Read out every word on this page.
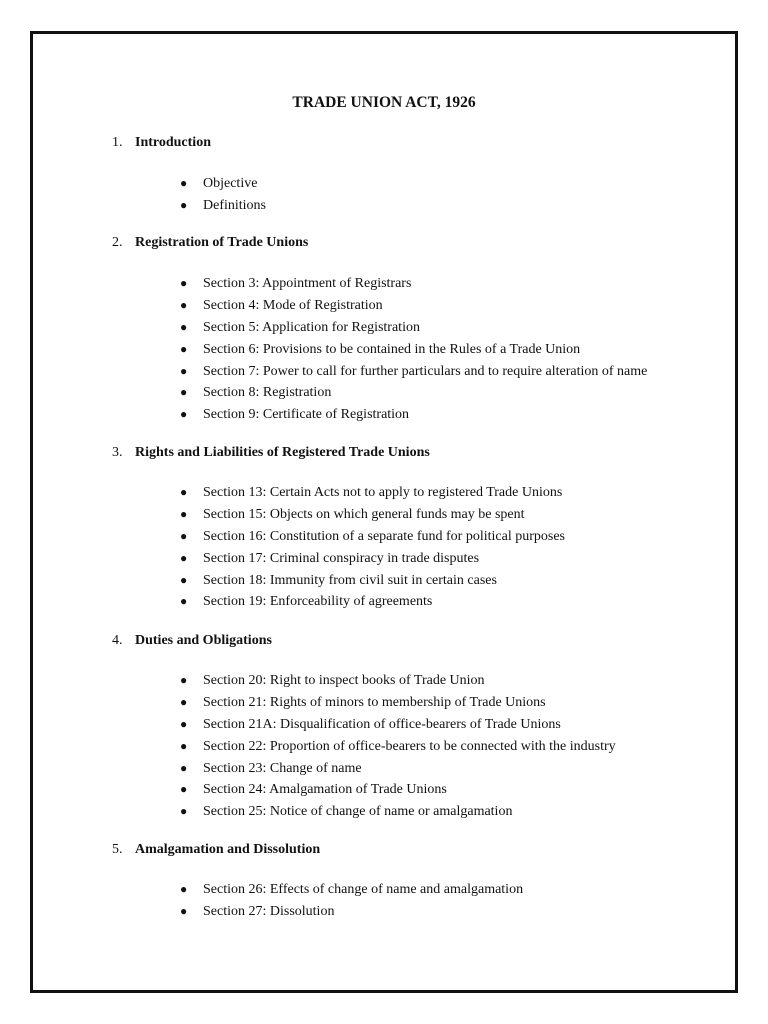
TRADE UNION ACT, 1926
1. Introduction
● Objective
● Definitions
2. Registration of Trade Unions
● Section 3: Appointment of Registrars
● Section 4: Mode of Registration
● Section 5: Application for Registration
● Section 6: Provisions to be contained in the Rules of a Trade Union
● Section 7: Power to call for further particulars and to require alteration of name
● Section 8: Registration
● Section 9: Certificate of Registration
3. Rights and Liabilities of Registered Trade Unions
● Section 13: Certain Acts not to apply to registered Trade Unions
● Section 15: Objects on which general funds may be spent
● Section 16: Constitution of a separate fund for political purposes
● Section 17: Criminal conspiracy in trade disputes
● Section 18: Immunity from civil suit in certain cases
● Section 19: Enforceability of agreements
4. Duties and Obligations
● Section 20: Right to inspect books of Trade Union
● Section 21: Rights of minors to membership of Trade Unions
● Section 21A: Disqualification of office-bearers of Trade Unions
● Section 22: Proportion of office-bearers to be connected with the industry
● Section 23: Change of name
● Section 24: Amalgamation of Trade Unions
● Section 25: Notice of change of name or amalgamation
5. Amalgamation and Dissolution
● Section 26: Effects of change of name and amalgamation
● Section 27: Dissolution
